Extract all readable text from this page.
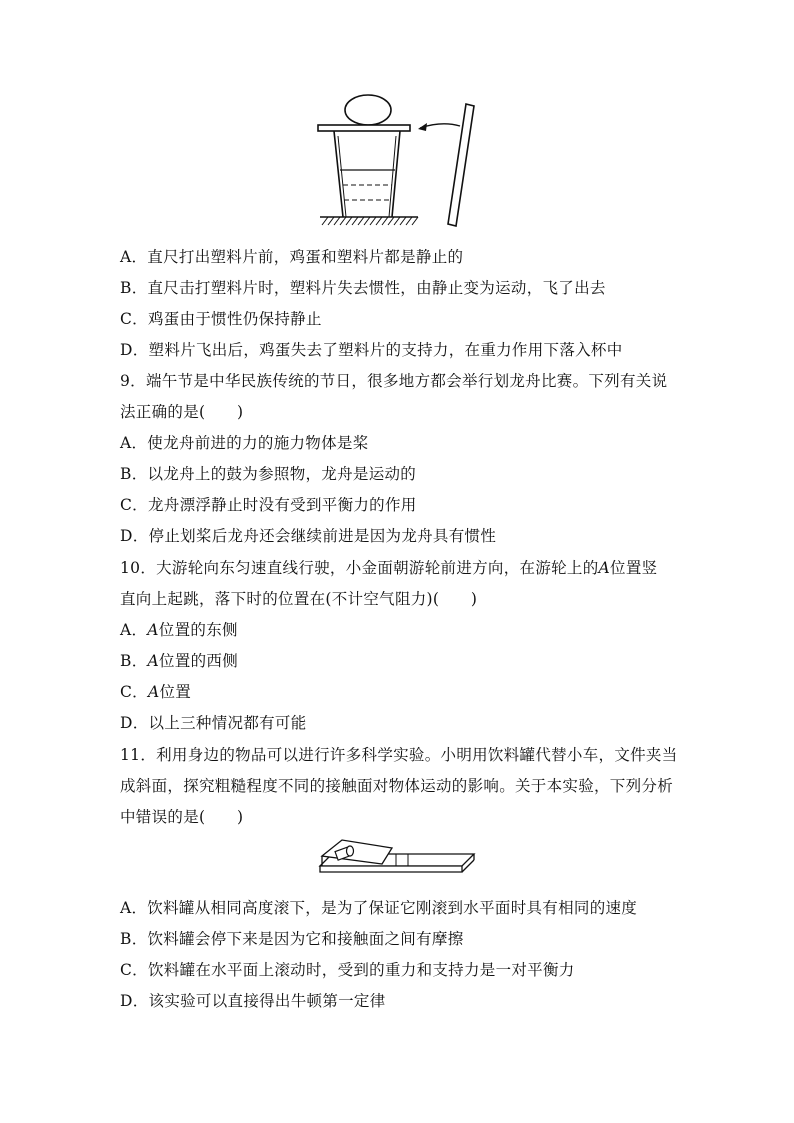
A．直尺打出塑料片前，鸡蛋和塑料片都是静止的
B．直尺击打塑料片时，塑料片失去惯性，由静止变为运动，飞了出去
C．鸡蛋由于惯性仍保持静止
D．塑料片飞出后，鸡蛋失去了塑料片的支持力，在重力作用下落入杯中
9．端午节是中华民族传统的节日，很多地方都会举行划龙舟比赛。下列有关说
法正确的是(　　)
A．使龙舟前进的力的施力物体是桨
B．以龙舟上的鼓为参照物，龙舟是运动的
C．龙舟漂浮静止时没有受到平衡力的作用
D．停止划桨后龙舟还会继续前进是因为龙舟具有惯性
10．大游轮向东匀速直线行驶，小金面朝游轮前进方向，在游轮上的A位置竖
直向上起跳，落下时的位置在(不计空气阻力)(　　)
A．A位置的东侧
B．A位置的西侧
C．A位置
D．以上三种情况都有可能
11．利用身边的物品可以进行许多科学实验。小明用饮料罐代替小车，文件夹当
成斜面，探究粗糙程度不同的接触面对物体运动的影响。关于本实验，下列分析
中错误的是(　　)
A．饮料罐从相同高度滚下，是为了保证它刚滚到水平面时具有相同的速度
B．饮料罐会停下来是因为它和接触面之间有摩擦
C．饮料罐在水平面上滚动时，受到的重力和支持力是一对平衡力
D．该实验可以直接得出牛顿第一定律
